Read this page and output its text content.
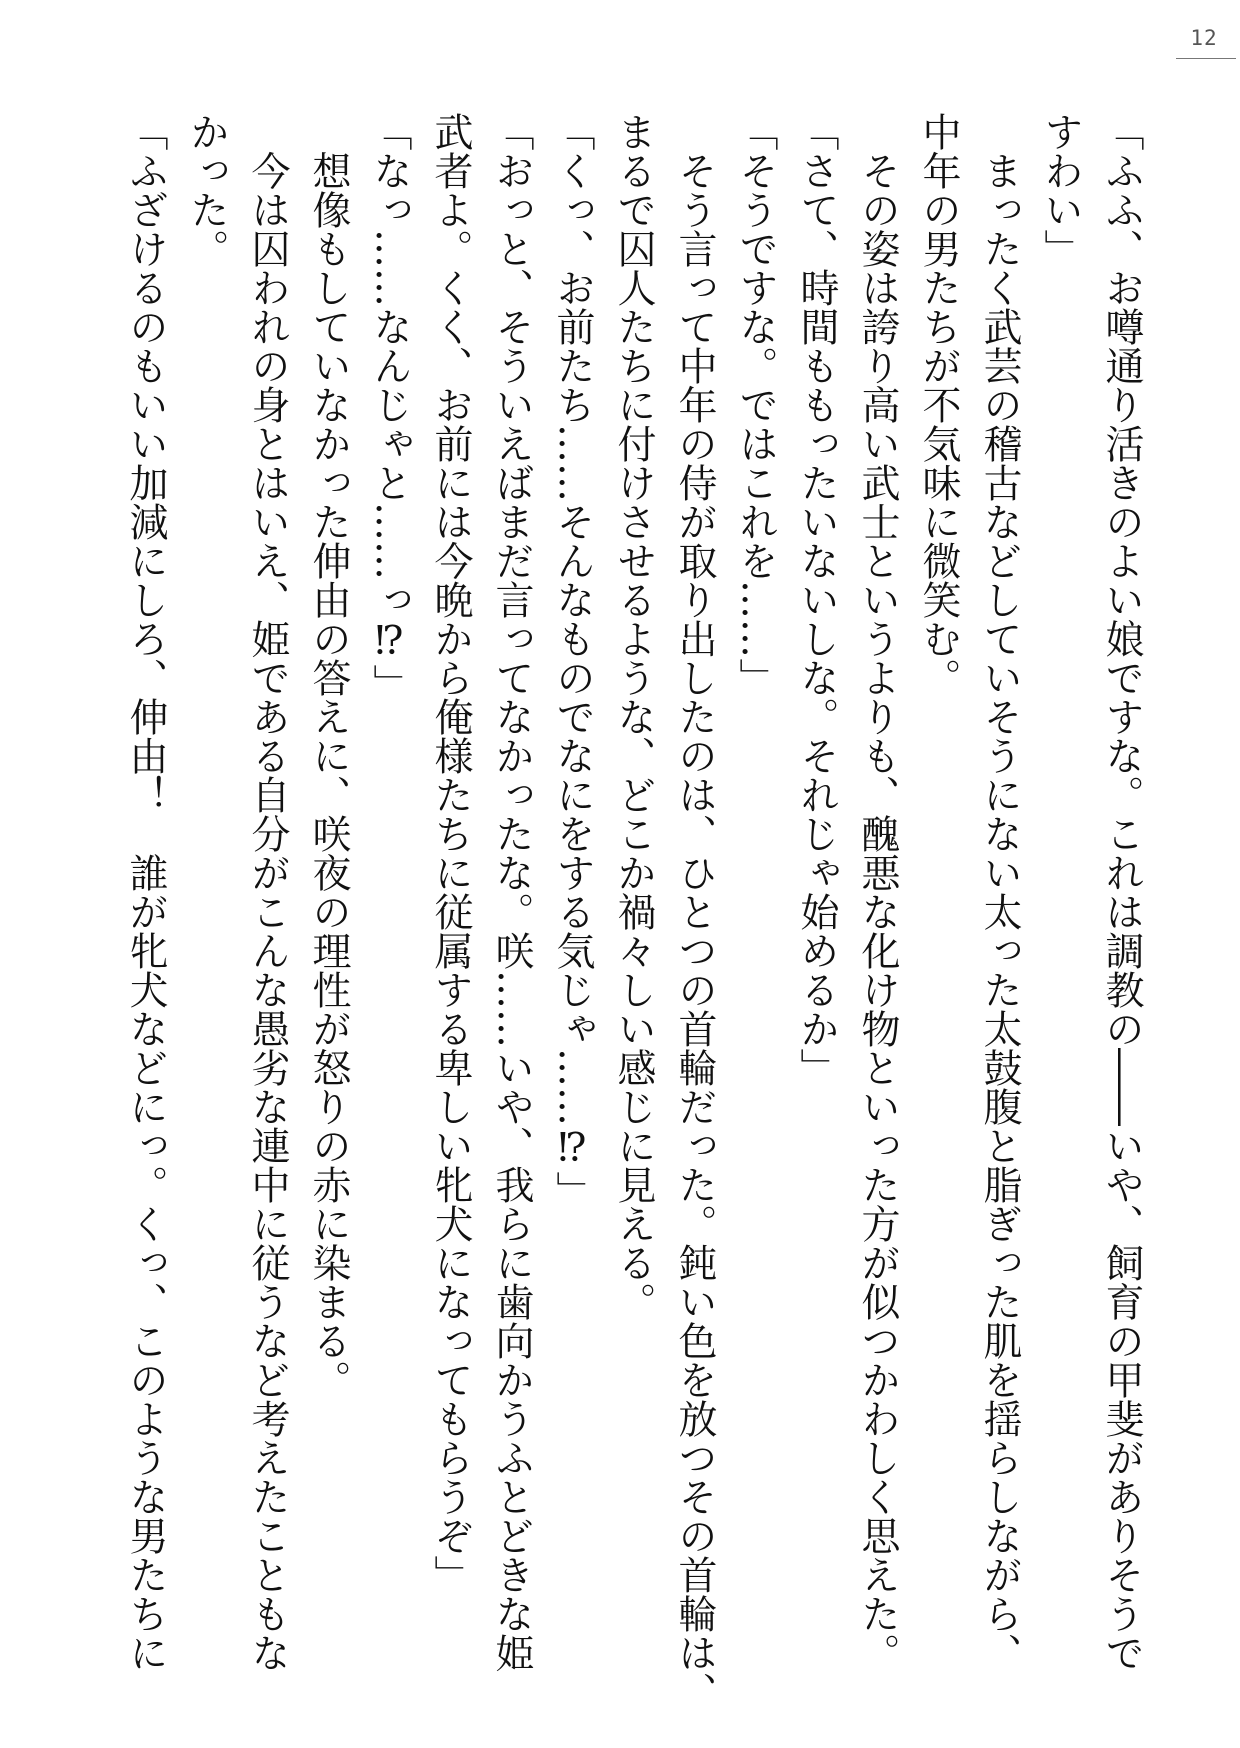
12
「ふふ、お噂通り活きのよい娘ですな。これは調教の――いや、飼育の甲斐がありそうで
すわい」
　まったく武芸の稽古などしていそうにない太った太鼓腹と脂ぎった肌を揺らしながら、
中年の男たちが不気味に微笑む。
　その姿は誇り高い武士というよりも、醜悪な化け物といった方が似つかわしく思えた。
「さて、時間ももったいないしな。それじゃ始めるか」
「そうですな。ではこれを……」
　そう言って中年の侍が取り出したのは、ひとつの首輪だった。鈍い色を放つその首輪は、
まるで囚人たちに付けさせるような、どこか禍々しい感じに見える。
「くっ、お前たち……そんなものでなにをする気じゃ……⁉」
「おっと、そういえばまだ言ってなかったな。咲……いや、我らに歯向かうふとどきな姫
武者よ。くく、お前には今晩から俺様たちに従属する卑しい牝犬になってもらうぞ」
「なっ……なんじゃと……っ⁉」
　想像もしていなかった伸由の答えに、咲夜の理性が怒りの赤に染まる。
　今は囚われの身とはいえ、姫である自分がこんな愚劣な連中に従うなど考えたこともな
かった。
「ふざけるのもいい加減にしろ、伸由！　誰が牝犬などにっ。くっ、このような男たちに
